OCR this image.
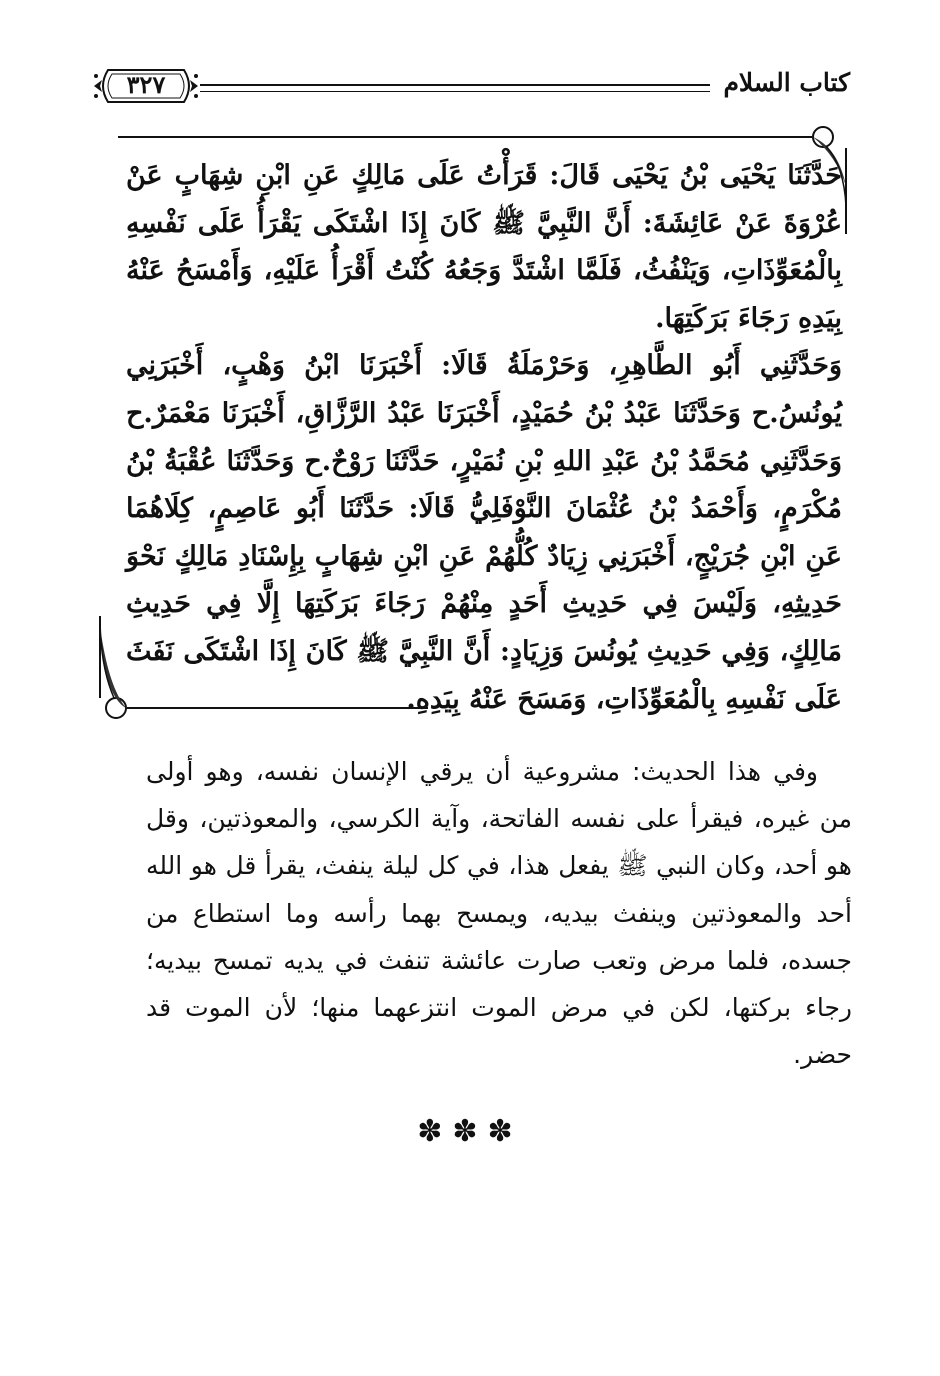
كتاب السلام
٣٢٧

حَدَّثَنَا يَحْيَى بْنُ يَحْيَى قَالَ: قَرَأْتُ عَلَى مَالِكٍ عَنِ ابْنِ شِهَابٍ عَنْ عُرْوَةَ عَنْ عَائِشَةَ: أَنَّ النَّبِيَّ ﷺ كَانَ إِذَا اشْتَكَى يَقْرَأُ عَلَى نَفْسِهِ بِالْمُعَوِّذَاتِ، وَيَنْفُثُ، فَلَمَّا اشْتَدَّ وَجَعُهُ كُنْتُ أَقْرَأُ عَلَيْهِ، وَأَمْسَحُ عَنْهُ بِيَدِهِ رَجَاءَ بَرَكَتِهَا.

وَحَدَّثَنِي أَبُو الطَّاهِرِ، وَحَرْمَلَةُ قَالَا: أَخْبَرَنَا ابْنُ وَهْبٍ، أَخْبَرَنِي يُونُسُ.ح وَحَدَّثَنَا عَبْدُ بْنُ حُمَيْدٍ، أَخْبَرَنَا عَبْدُ الرَّزَّاقِ، أَخْبَرَنَا مَعْمَرٌ.ح وَحَدَّثَنِي مُحَمَّدُ بْنُ عَبْدِ اللهِ بْنِ نُمَيْرٍ، حَدَّثَنَا رَوْحٌ.ح وَحَدَّثَنَا عُقْبَةُ بْنُ مُكْرَمٍ، وَأَحْمَدُ بْنُ عُثْمَانَ النَّوْفَلِيُّ قَالَا: حَدَّثَنَا أَبُو عَاصِمٍ، كِلَاهُمَا عَنِ ابْنِ جُرَيْجٍ، أَخْبَرَنِي زِيَادٌ كُلُّهُمْ عَنِ ابْنِ شِهَابٍ بِإِسْنَادِ مَالِكٍ نَحْوَ حَدِيثِهِ، وَلَيْسَ فِي حَدِيثِ أَحَدٍ مِنْهُمْ رَجَاءَ بَرَكَتِهَا إِلَّا فِي حَدِيثِ مَالِكٍ، وَفِي حَدِيثِ يُونُسَ وَزِيَادٍ: أَنَّ النَّبِيَّ ﷺ كَانَ إِذَا اشْتَكَى نَفَثَ عَلَى نَفْسِهِ بِالْمُعَوِّذَاتِ، وَمَسَحَ عَنْهُ بِيَدِهِ.

وفي هذا الحديث: مشروعية أن يرقي الإنسان نفسه، وهو أولى من غيره، فيقرأ على نفسه الفاتحة، وآية الكرسي، والمعوذتين، وقل هو أحد، وكان النبي ﷺ يفعل هذا، في كل ليلة ينفث، يقرأ قل هو الله أحد والمعوذتين وينفث بيديه، ويمسح بهما رأسه وما استطاع من جسده، فلما مرض وتعب صارت عائشة تنفث في يديه تمسح بيديه؛ رجاء بركتها، لكن في مرض الموت انتزعهما منها؛ لأن الموت قد حضر.

✽✽✽
